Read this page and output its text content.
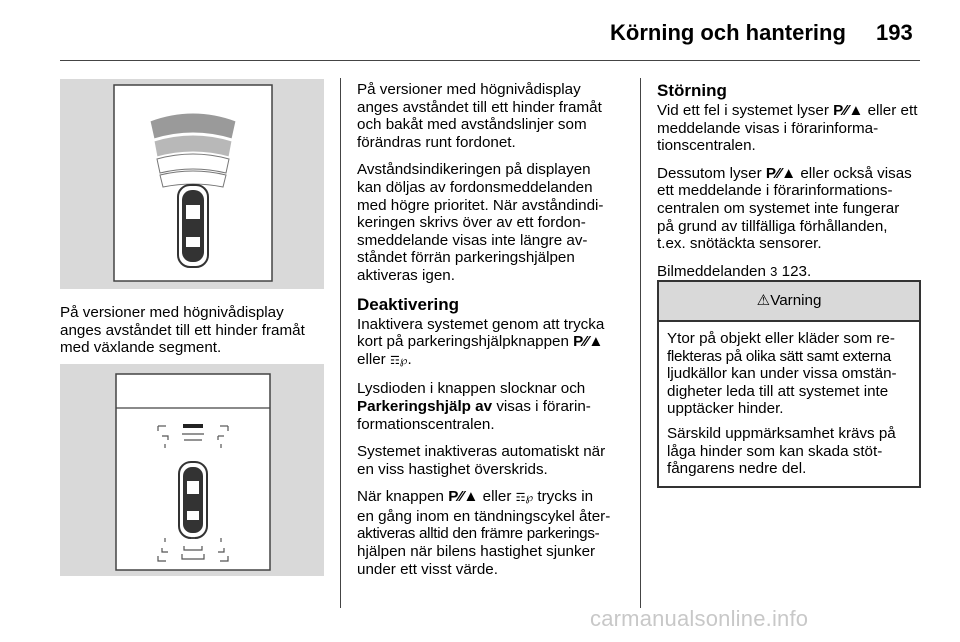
Körning och hantering 193
På versioner med högnivådisplay
anges avståndet till ett hinder framåt
med växlande segment.

På versioner med högnivådisplay
anges avståndet till ett hinder framåt
och bakåt med avståndslinjer som
förändras runt fordonet.

Avståndsindikeringen på displayen
kan döljas av fordonsmeddelanden
med högre prioritet. När avståndindi-
keringen skrivs över av ett fordon-
smeddelande visas inte längre av-
ståndet förrän parkeringshjälpen
aktiveras igen.

Deaktivering

Inaktivera systemet genom att trycka
kort på parkeringshjälpknappen P⁄⁄▲
eller ☶℘.

Lysdioden i knappen slocknar och
Parkeringshjälp av visas i förarin-
formationscentralen.

Systemet inaktiveras automatiskt när
en viss hastighet överskrids.

När knappen P⁄⁄▲ eller ☶℘ trycks in
en gång inom en tändningscykel åter-
aktiveras alltid den främre parkerings-
hjälpen när bilens hastighet sjunker
under ett visst värde.

Störning

Vid ett fel i systemet lyser P⁄⁄▲ eller ett
meddelande visas i förarinforma-
tionscentralen.

Dessutom lyser P⁄⁄▲ eller också visas
ett meddelande i förarinformations-
centralen om systemet inte fungerar
på grund av tillfälliga förhållanden,
t.ex. snötäckta sensorer.

Bilmeddelanden 3 123.

⚠Varning

Ytor på objekt eller kläder som re-
flekteras på olika sätt samt externa
ljudkällor kan under vissa omstän-
digheter leda till att systemet inte
upptäcker hinder.

Särskild uppmärksamhet krävs på
låga hinder som kan skada stöt-
fångarens nedre del.

carmanualsonline.info
